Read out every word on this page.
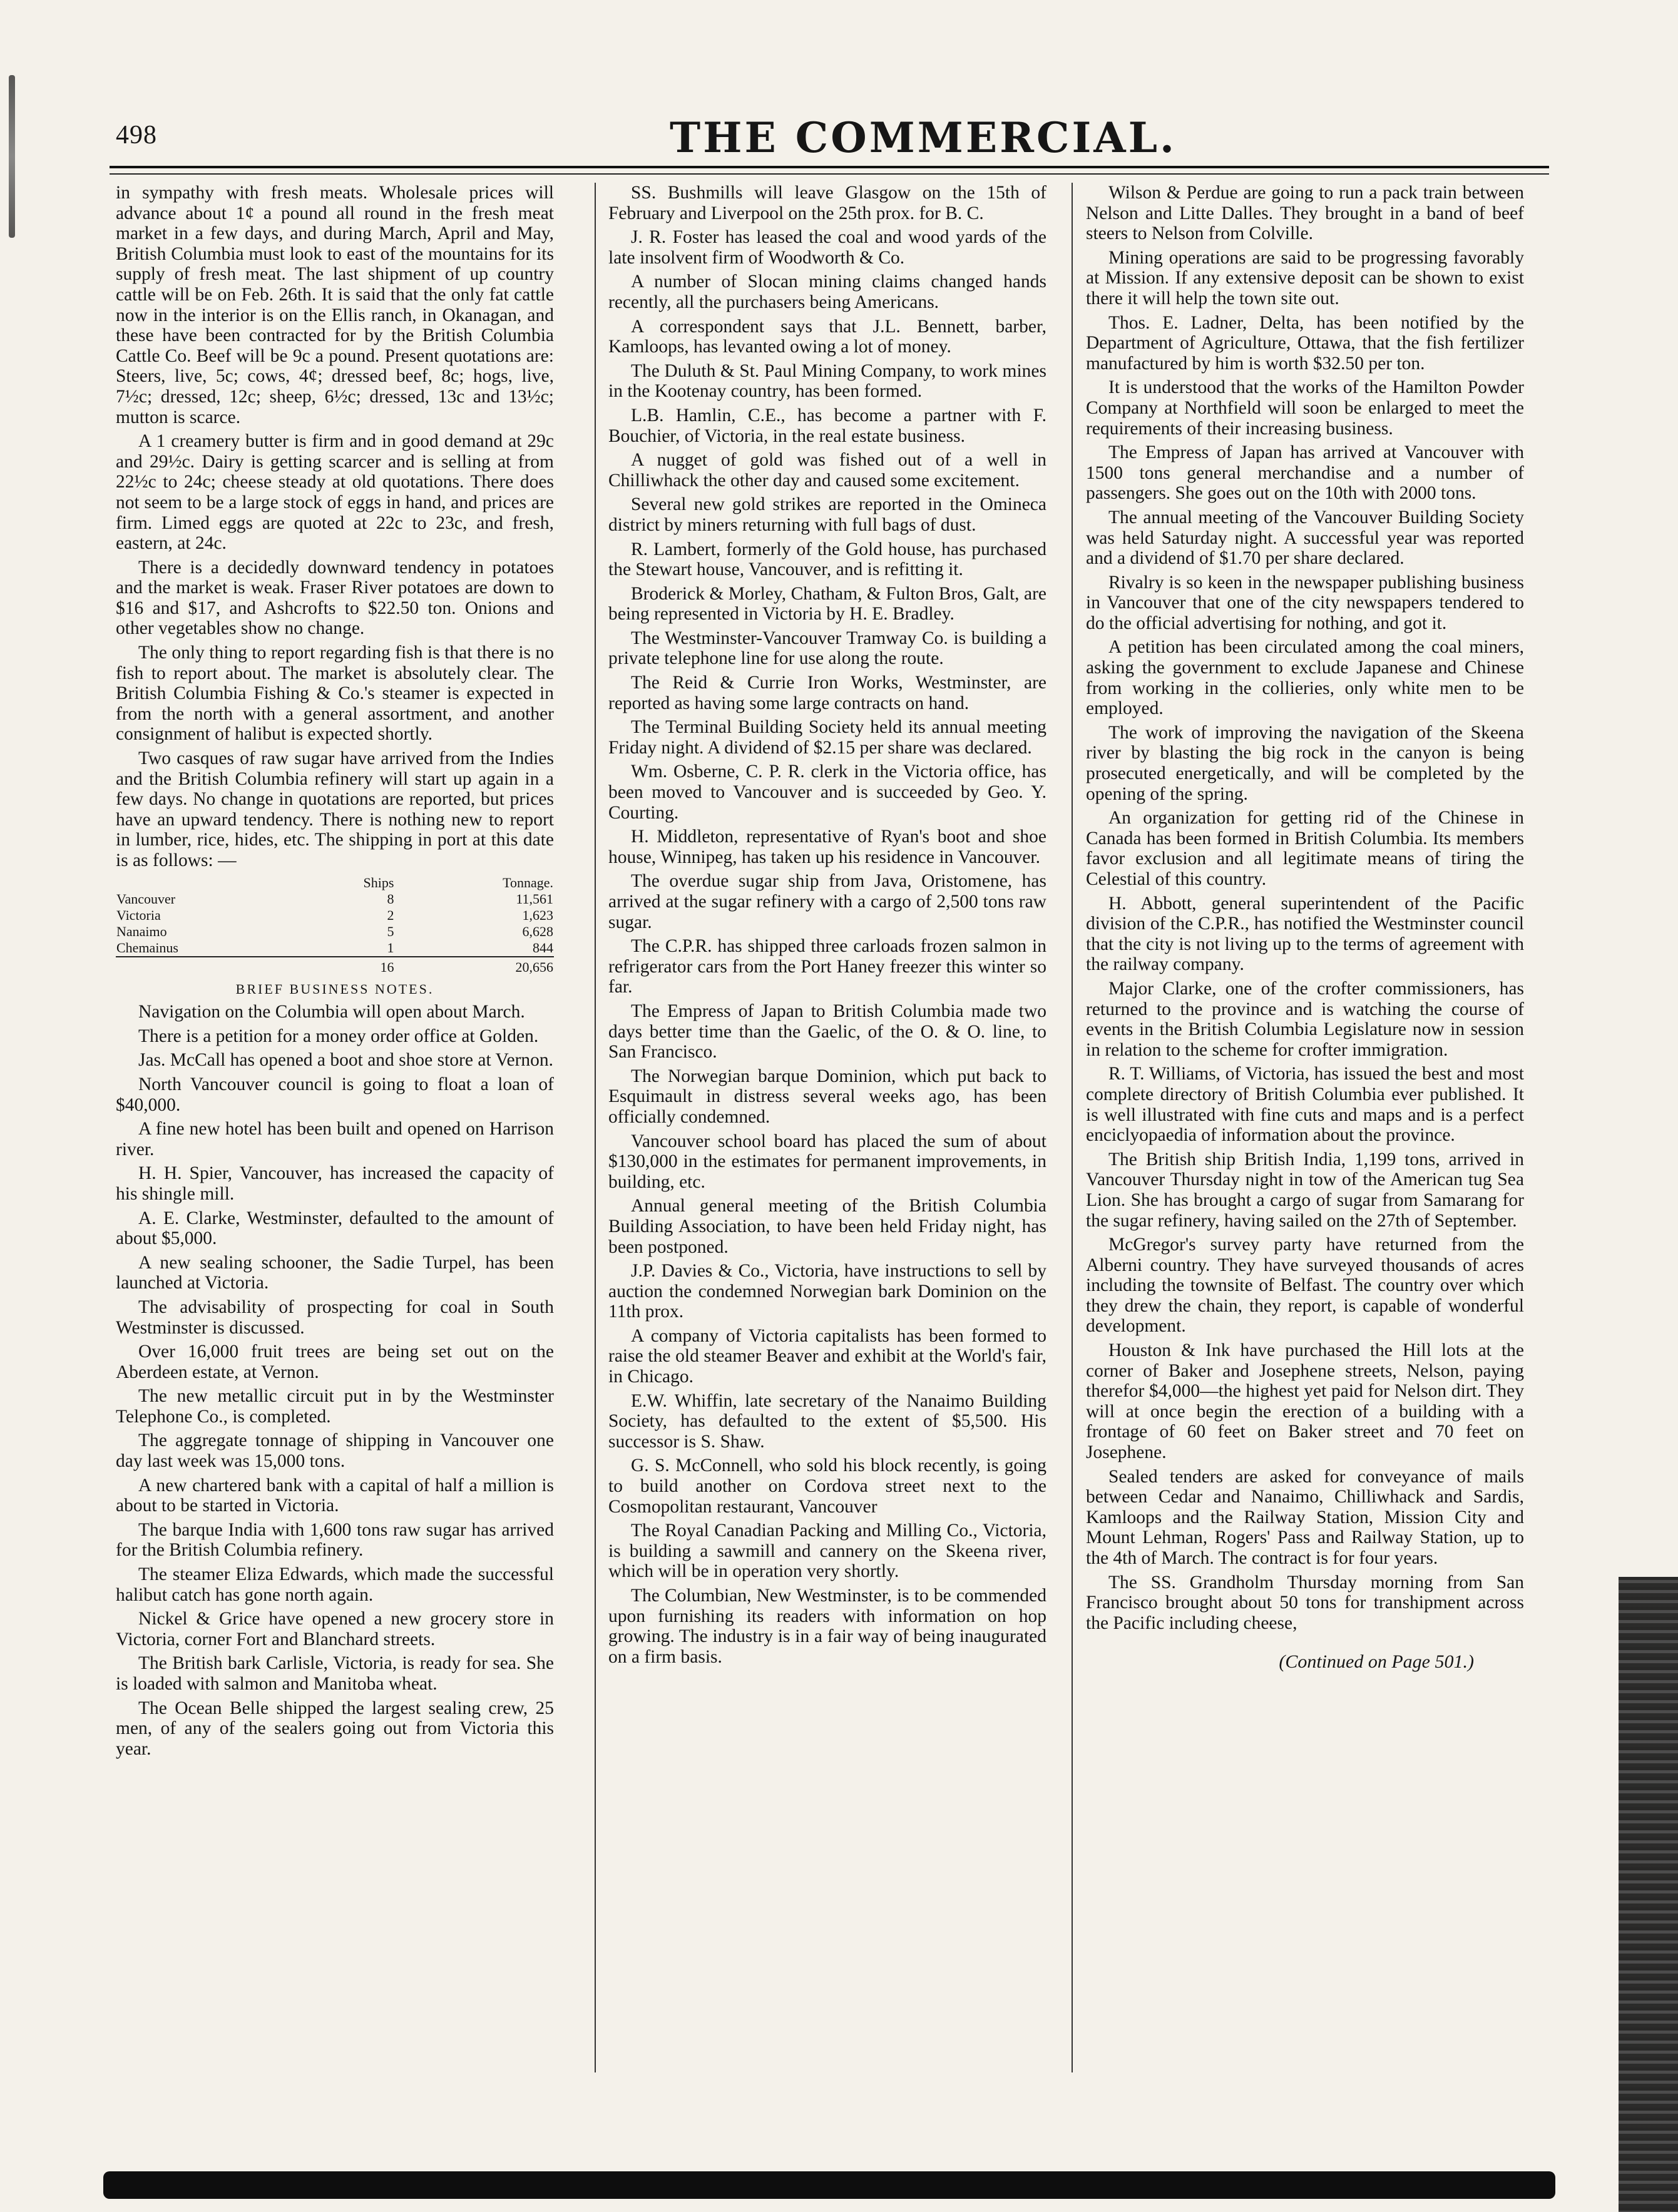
498	THE COMMERCIAL.

in sympathy with fresh meats. Wholesale prices will advance about 1¢ a pound all round in the fresh meat market in a few days, and during March, April and May, British Columbia must look to east of the mountains for its supply of fresh meat. The last shipment of up country cattle will be on Feb. 26th. It is said that the only fat cattle now in the interior is on the Ellis ranch, in Okanagan, and these have been contracted for by the British Columbia Cattle Co. Beef will be 9c a pound. Present quotations are: Steers, live, 5c; cows, 4¢; dressed beef, 8c; hogs, live, 7½c; dressed, 12c; sheep, 6½c; dressed, 13c and 13½c; mutton is scarce.

A 1 creamery butter is firm and in good demand at 29c and 29½c. Dairy is getting scarcer and is selling at from 22½c to 24c; cheese steady at old quotations. There does not seem to be a large stock of eggs in hand, and prices are firm. Limed eggs are quoted at 22c to 23c, and fresh, eastern, at 24c.

There is a decidedly downward tendency in potatoes and the market is weak. Fraser River potatoes are down to $16 and $17, and Ashcrofts to $22.50 ton. Onions and other vegetables show no change.

The only thing to report regarding fish is that there is no fish to report about. The market is absolutely clear. The British Columbia Fishing & Co.'s steamer is expected in from the north with a general assortment, and another consignment of halibut is expected shortly.

Two casques of raw sugar have arrived from the Indies and the British Columbia refinery will start up again in a few days. No change in quotations are reported, but prices have an upward tendency. There is nothing new to report in lumber, rice, hides, etc. The shipping in port at this date is as follows: —

	Ships	Tonnage.
Vancouver	8	11,561
Victoria	2	1,623
Nanaimo	5	6,628
Chemainus	1	844
	16	20,656
BRIEF BUSINESS NOTES.

Navigation on the Columbia will open about March.

There is a petition for a money order office at Golden.

Jas. McCall has opened a boot and shoe store at Vernon.

North Vancouver council is going to float a loan of $40,000.

A fine new hotel has been built and opened on Harrison river.

H. H. Spier, Vancouver, has increased the capacity of his shingle mill.

A. E. Clarke, Westminster, defaulted to the amount of about $5,000.

A new sealing schooner, the Sadie Turpel, has been launched at Victoria.

The advisability of prospecting for coal in South Westminster is discussed.

Over 16,000 fruit trees are being set out on the Aberdeen estate, at Vernon.

The new metallic circuit put in by the Westminster Telephone Co., is completed.

The aggregate tonnage of shipping in Vancouver one day last week was 15,000 tons.

A new chartered bank with a capital of half a million is about to be started in Victoria.

The barque India with 1,600 tons raw sugar has arrived for the British Columbia refinery.

The steamer Eliza Edwards, which made the successful halibut catch has gone north again.

Nickel & Grice have opened a new grocery store in Victoria, corner Fort and Blanchard streets.

The British bark Carlisle, Victoria, is ready for sea. She is loaded with salmon and Manitoba wheat.

The Ocean Belle shipped the largest sealing crew, 25 men, of any of the sealers going out from Victoria this year.

SS. Bushmills will leave Glasgow on the 15th of February and Liverpool on the 25th prox. for B. C.

J. R. Foster has leased the coal and wood yards of the late insolvent firm of Woodworth & Co.

A number of Slocan mining claims changed hands recently, all the purchasers being Americans.

A correspondent says that J.L. Bennett, barber, Kamloops, has levanted owing a lot of money.

The Duluth & St. Paul Mining Company, to work mines in the Kootenay country, has been formed.

L.B. Hamlin, C.E., has become a partner with F. Bouchier, of Victoria, in the real estate business.

A nugget of gold was fished out of a well in Chilliwhack the other day and caused some excitement.

Several new gold strikes are reported in the Omineca district by miners returning with full bags of dust.

R. Lambert, formerly of the Gold house, has purchased the Stewart house, Vancouver, and is refitting it.

Broderick & Morley, Chatham, & Fulton Bros, Galt, are being represented in Victoria by H. E. Bradley.

The Westminster-Vancouver Tramway Co. is building a private telephone line for use along the route.

The Reid & Currie Iron Works, Westminster, are reported as having some large contracts on hand.

The Terminal Building Society held its annual meeting Friday night. A dividend of $2.15 per share was declared.

Wm. Osberne, C. P. R. clerk in the Victoria office, has been moved to Vancouver and is succeeded by Geo. Y. Courting.

H. Middleton, representative of Ryan's boot and shoe house, Winnipeg, has taken up his residence in Vancouver.

The overdue sugar ship from Java, Oristomene, has arrived at the sugar refinery with a cargo of 2,500 tons raw sugar.

The C.P.R. has shipped three carloads frozen salmon in refrigerator cars from the Port Haney freezer this winter so far.

The Empress of Japan to British Columbia made two days better time than the Gaelic, of the O. & O. line, to San Francisco.

The Norwegian barque Dominion, which put back to Esquimault in distress several weeks ago, has been officially condemned.

Vancouver school board has placed the sum of about $130,000 in the estimates for permanent improvements, in building, etc.

Annual general meeting of the British Columbia Building Association, to have been held Friday night, has been postponed.

J.P. Davies & Co., Victoria, have instructions to sell by auction the condemned Norwegian bark Dominion on the 11th prox.

A company of Victoria capitalists has been formed to raise the old steamer Beaver and exhibit at the World's fair, in Chicago.

E.W. Whiffin, late secretary of the Nanaimo Building Society, has defaulted to the extent of $5,500. His successor is S. Shaw.

G. S. McConnell, who sold his block recently, is going to build another on Cordova street next to the Cosmopolitan restaurant, Vancouver

The Royal Canadian Packing and Milling Co., Victoria, is building a sawmill and cannery on the Skeena river, which will be in operation very shortly.

The Columbian, New Westminster, is to be commended upon furnishing its readers with information on hop growing. The industry is in a fair way of being inaugurated on a firm basis.

Wilson & Perdue are going to run a pack train between Nelson and Litte Dalles. They brought in a band of beef steers to Nelson from Colville.

Mining operations are said to be progressing favorably at Mission. If any extensive deposit can be shown to exist there it will help the town site out.

Thos. E. Ladner, Delta, has been notified by the Department of Agriculture, Ottawa, that the fish fertilizer manufactured by him is worth $32.50 per ton.

It is understood that the works of the Hamilton Powder Company at Northfield will soon be enlarged to meet the requirements of their increasing business.

The Empress of Japan has arrived at Vancouver with 1500 tons general merchandise and a number of passengers. She goes out on the 10th with 2000 tons.

The annual meeting of the Vancouver Building Society was held Saturday night. A successful year was reported and a dividend of $1.70 per share declared.

Rivalry is so keen in the newspaper publishing business in Vancouver that one of the city newspapers tendered to do the official advertising for nothing, and got it.

A petition has been circulated among the coal miners, asking the government to exclude Japanese and Chinese from working in the collieries, only white men to be employed.

The work of improving the navigation of the Skeena river by blasting the big rock in the canyon is being prosecuted energetically, and will be completed by the opening of the spring.

An organization for getting rid of the Chinese in Canada has been formed in British Columbia. Its members favor exclusion and all legitimate means of tiring the Celestial of this country.

H. Abbott, general superintendent of the Pacific division of the C.P.R., has notified the Westminster council that the city is not living up to the terms of agreement with the railway company.

Major Clarke, one of the crofter commissioners, has returned to the province and is watching the course of events in the British Columbia Legislature now in session in relation to the scheme for crofter immigration.

R. T. Williams, of Victoria, has issued the best and most complete directory of British Columbia ever published. It is well illustrated with fine cuts and maps and is a perfect enciclyopaedia of information about the province.

The British ship British India, 1,199 tons, arrived in Vancouver Thursday night in tow of the American tug Sea Lion. She has brought a cargo of sugar from Samarang for the sugar refinery, having sailed on the 27th of September.

McGregor's survey party have returned from the Alberni country. They have surveyed thousands of acres including the townsite of Belfast. The country over which they drew the chain, they report, is capable of wonderful development.

Houston & Ink have purchased the Hill lots at the corner of Baker and Josephene streets, Nelson, paying therefor $4,000—the highest yet paid for Nelson dirt. They will at once begin the erection of a building with a frontage of 60 feet on Baker street and 70 feet on Josephene.

Sealed tenders are asked for conveyance of mails between Cedar and Nanaimo, Chilliwhack and Sardis, Kamloops and the Railway Station, Mission City and Mount Lehman, Rogers' Pass and Railway Station, up to the 4th of March. The contract is for four years.

The SS. Grandholm Thursday morning from San Francisco brought about 50 tons for transhipment across the Pacific including cheese,

(Continued on Page 501.)
